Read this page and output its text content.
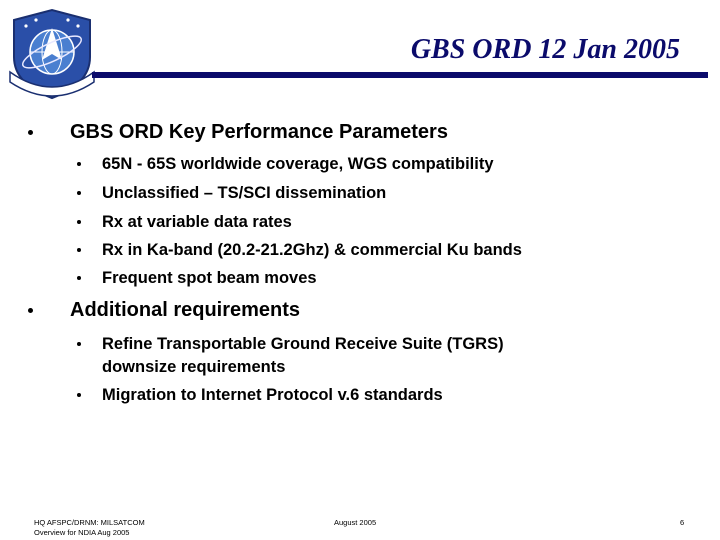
GBS ORD 12 Jan 2005
GBS ORD Key Performance Parameters
65N - 65S worldwide coverage, WGS compatibility
Unclassified – TS/SCI dissemination
Rx at variable data rates
Rx in Ka-band (20.2-21.2Ghz) & commercial Ku bands
Frequent spot beam moves
Additional requirements
Refine Transportable Ground Receive Suite (TGRS)
downsize requirements
Migration to Internet Protocol v.6 standards
HQ AFSPC/DRNM: MILSATCOM
Overview for NDIA Aug 2005
August 2005	6
